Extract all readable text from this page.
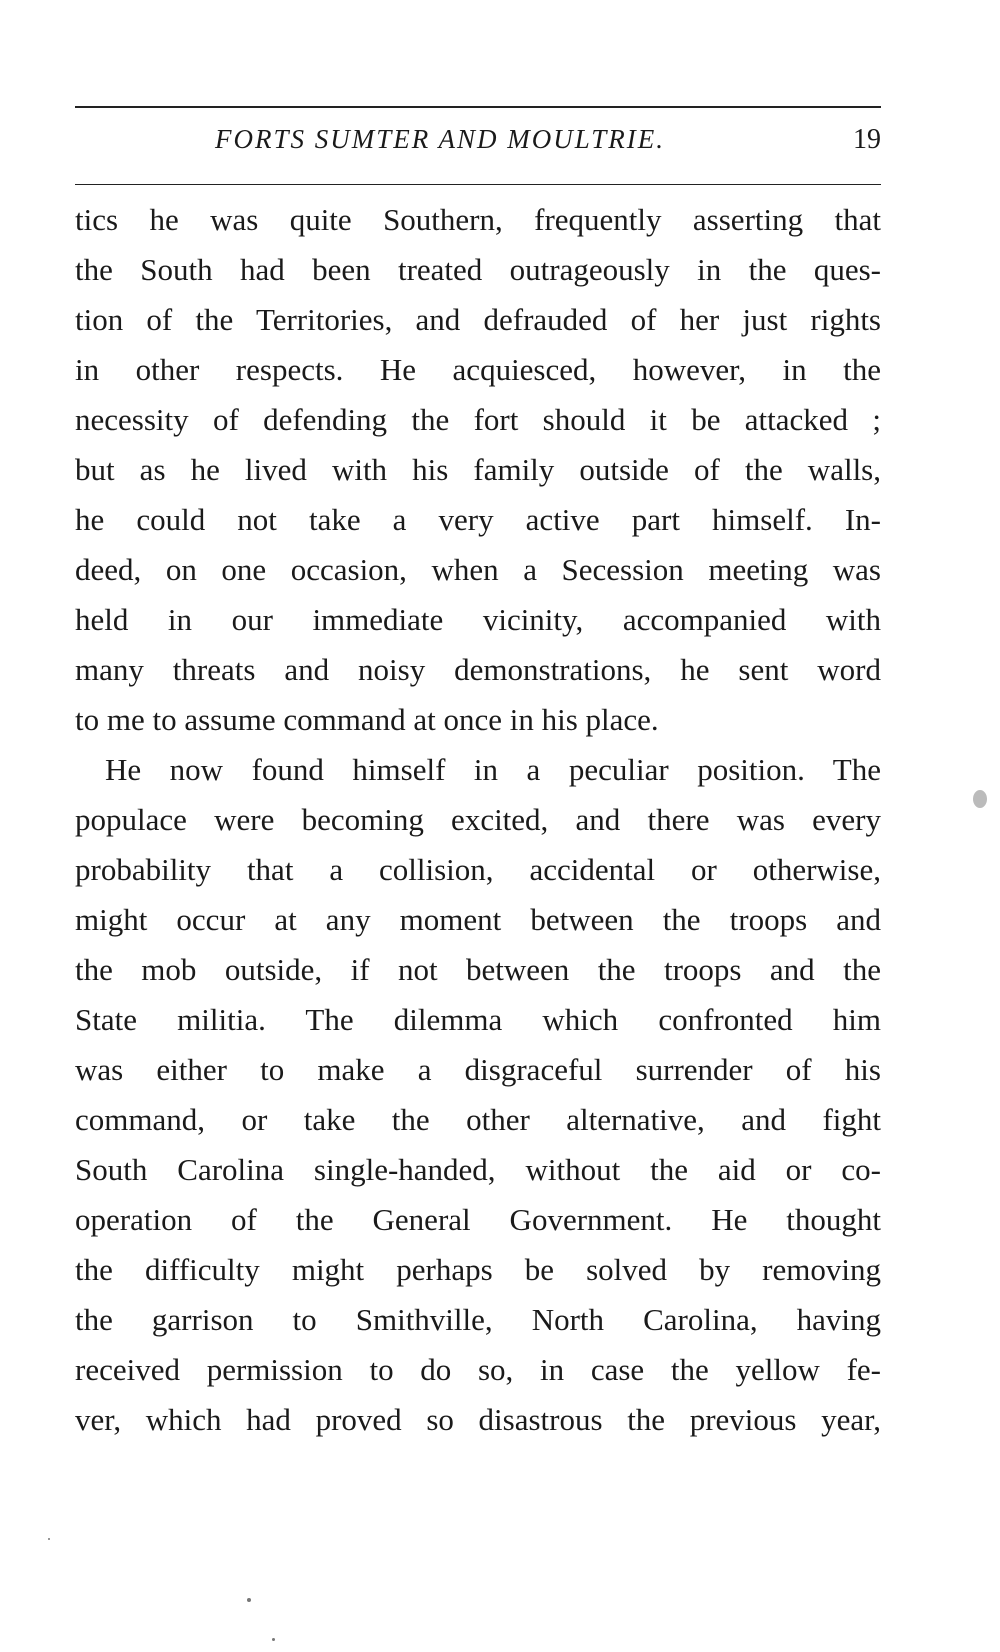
FORTS SUMTER AND MOULTRIE.	19
tics he was quite Southern, frequently asserting that
the South had been treated outrageously in the ques-
tion of the Territories, and defrauded of her just rights
in other respects. He acquiesced, however, in the
necessity of defending the fort should it be attacked ;
but as he lived with his family outside of the walls,
he could not take a very active part himself. In-
deed, on one occasion, when a Secession meeting was
held in our immediate vicinity, accompanied with
many threats and noisy demonstrations, he sent word
to me to assume command at once in his place.
He now found himself in a peculiar position. The
populace were becoming excited, and there was every
probability that a collision, accidental or otherwise,
might occur at any moment between the troops and
the mob outside, if not between the troops and the
State militia. The dilemma which confronted him
was either to make a disgraceful surrender of his
command, or take the other alternative, and fight
South Carolina single-handed, without the aid or co-
operation of the General Government. He thought
the difficulty might perhaps be solved by removing
the garrison to Smithville, North Carolina, having
received permission to do so, in case the yellow fe-
ver, which had proved so disastrous the previous year,
